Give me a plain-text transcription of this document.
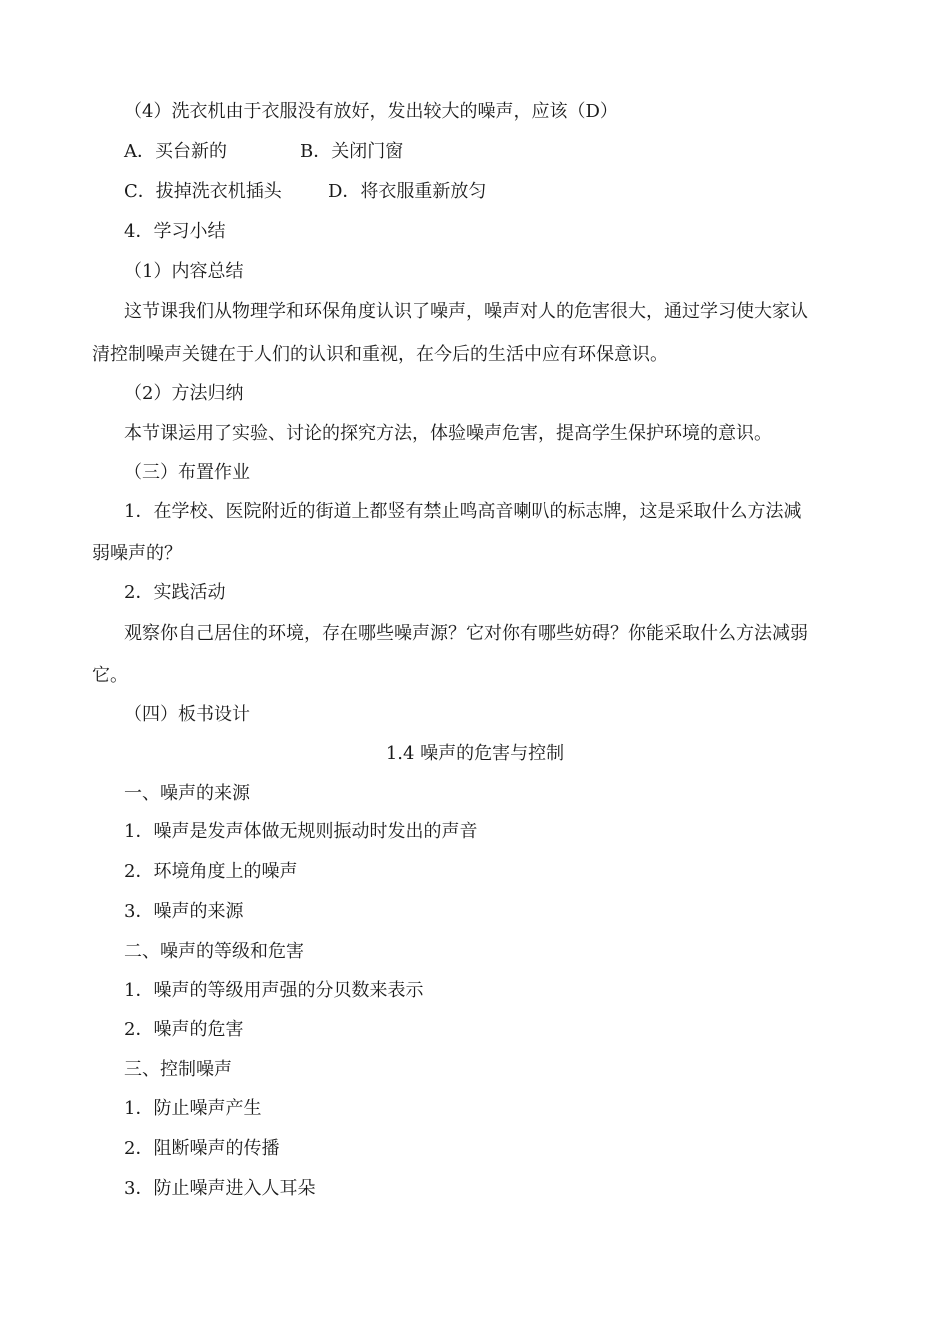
（4）洗衣机由于衣服没有放好，发出较大的噪声，应该（D）
A．买台新的	B．关闭门窗
C．拔掉洗衣机插头	D．将衣服重新放匀
4．学习小结
（1）内容总结
这节课我们从物理学和环保角度认识了噪声，噪声对人的危害很大，通过学习使大家认
清控制噪声关键在于人们的认识和重视，在今后的生活中应有环保意识。
（2）方法归纳
本节课运用了实验、讨论的探究方法，体验噪声危害，提高学生保护环境的意识。
（三）布置作业
1．在学校、医院附近的街道上都竖有禁止鸣高音喇叭的标志牌，这是采取什么方法减
弱噪声的？
2．实践活动
观察你自己居住的环境，存在哪些噪声源？它对你有哪些妨碍？你能采取什么方法减弱
它。
（四）板书设计
1.4 噪声的危害与控制
一、噪声的来源
1．噪声是发声体做无规则振动时发出的声音
2．环境角度上的噪声
3．噪声的来源
二、噪声的等级和危害
1．噪声的等级用声强的分贝数来表示
2．噪声的危害
三、控制噪声
1．防止噪声产生
2．阻断噪声的传播
3．防止噪声进入人耳朵
